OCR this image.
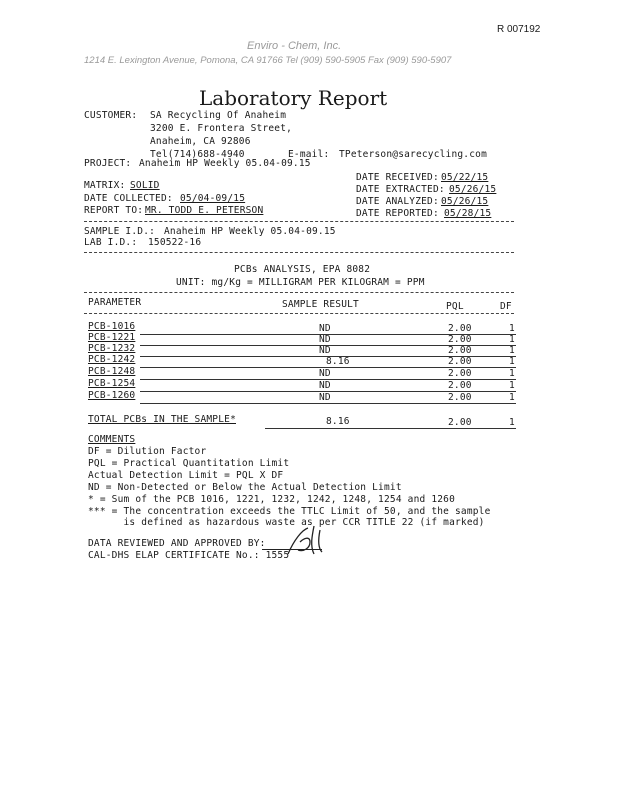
R 007192
Enviro - Chem, Inc.
1214 E. Lexington Avenue, Pomona, CA 91766 Tel (909) 590-5905 Fax (909) 590-5907
Laboratory Report
CUSTOMER: SA Recycling Of Anaheim
3200 E. Frontera Street,
Anaheim, CA 92806
Tel(714)688-4940	E-mail: TPeterson@sarecycling.com
PROJECT: Anaheim HP Weekly 05.04-09.15
DATE RECEIVED: 05/22/15
DATE EXTRACTED: 05/26/15
DATE ANALYZED: 05/26/15
DATE REPORTED: 05/28/15
MATRIX: SOLID
DATE COLLECTED: 05/04-09/15
REPORT TO: MR. TODD E. PETERSON
SAMPLE I.D.: Anaheim HP Weekly 05.04-09.15
LAB I.D.: 150522-16
PCBs ANALYSIS, EPA 8082
UNIT: mg/Kg = MILLIGRAM PER KILOGRAM = PPM
PARAMETER	SAMPLE RESULT	PQL	DF
PCB-1016	ND	2.00	1
PCB-1221	ND	2.00	1
PCB-1232	ND	2.00	1
PCB-1242	8.16	2.00	1
PCB-1248	ND	2.00	1
PCB-1254	ND	2.00	1
PCB-1260	ND	2.00	1
TOTAL PCBs IN THE SAMPLE*	8.16	2.00	1
COMMENTS
DF = Dilution Factor
PQL = Practical Quantitation Limit
Actual Detection Limit = PQL X DF
ND = Non-Detected or Below the Actual Detection Limit
* = Sum of the PCB 1016, 1221, 1232, 1242, 1248, 1254 and 1260
*** = The concentration exceeds the TTLC Limit of 50, and the sample
is defined as hazardous waste as per CCR TITLE 22 (if marked)
DATA REVIEWED AND APPROVED BY:
CAL-DHS ELAP CERTIFICATE No.: 1555
